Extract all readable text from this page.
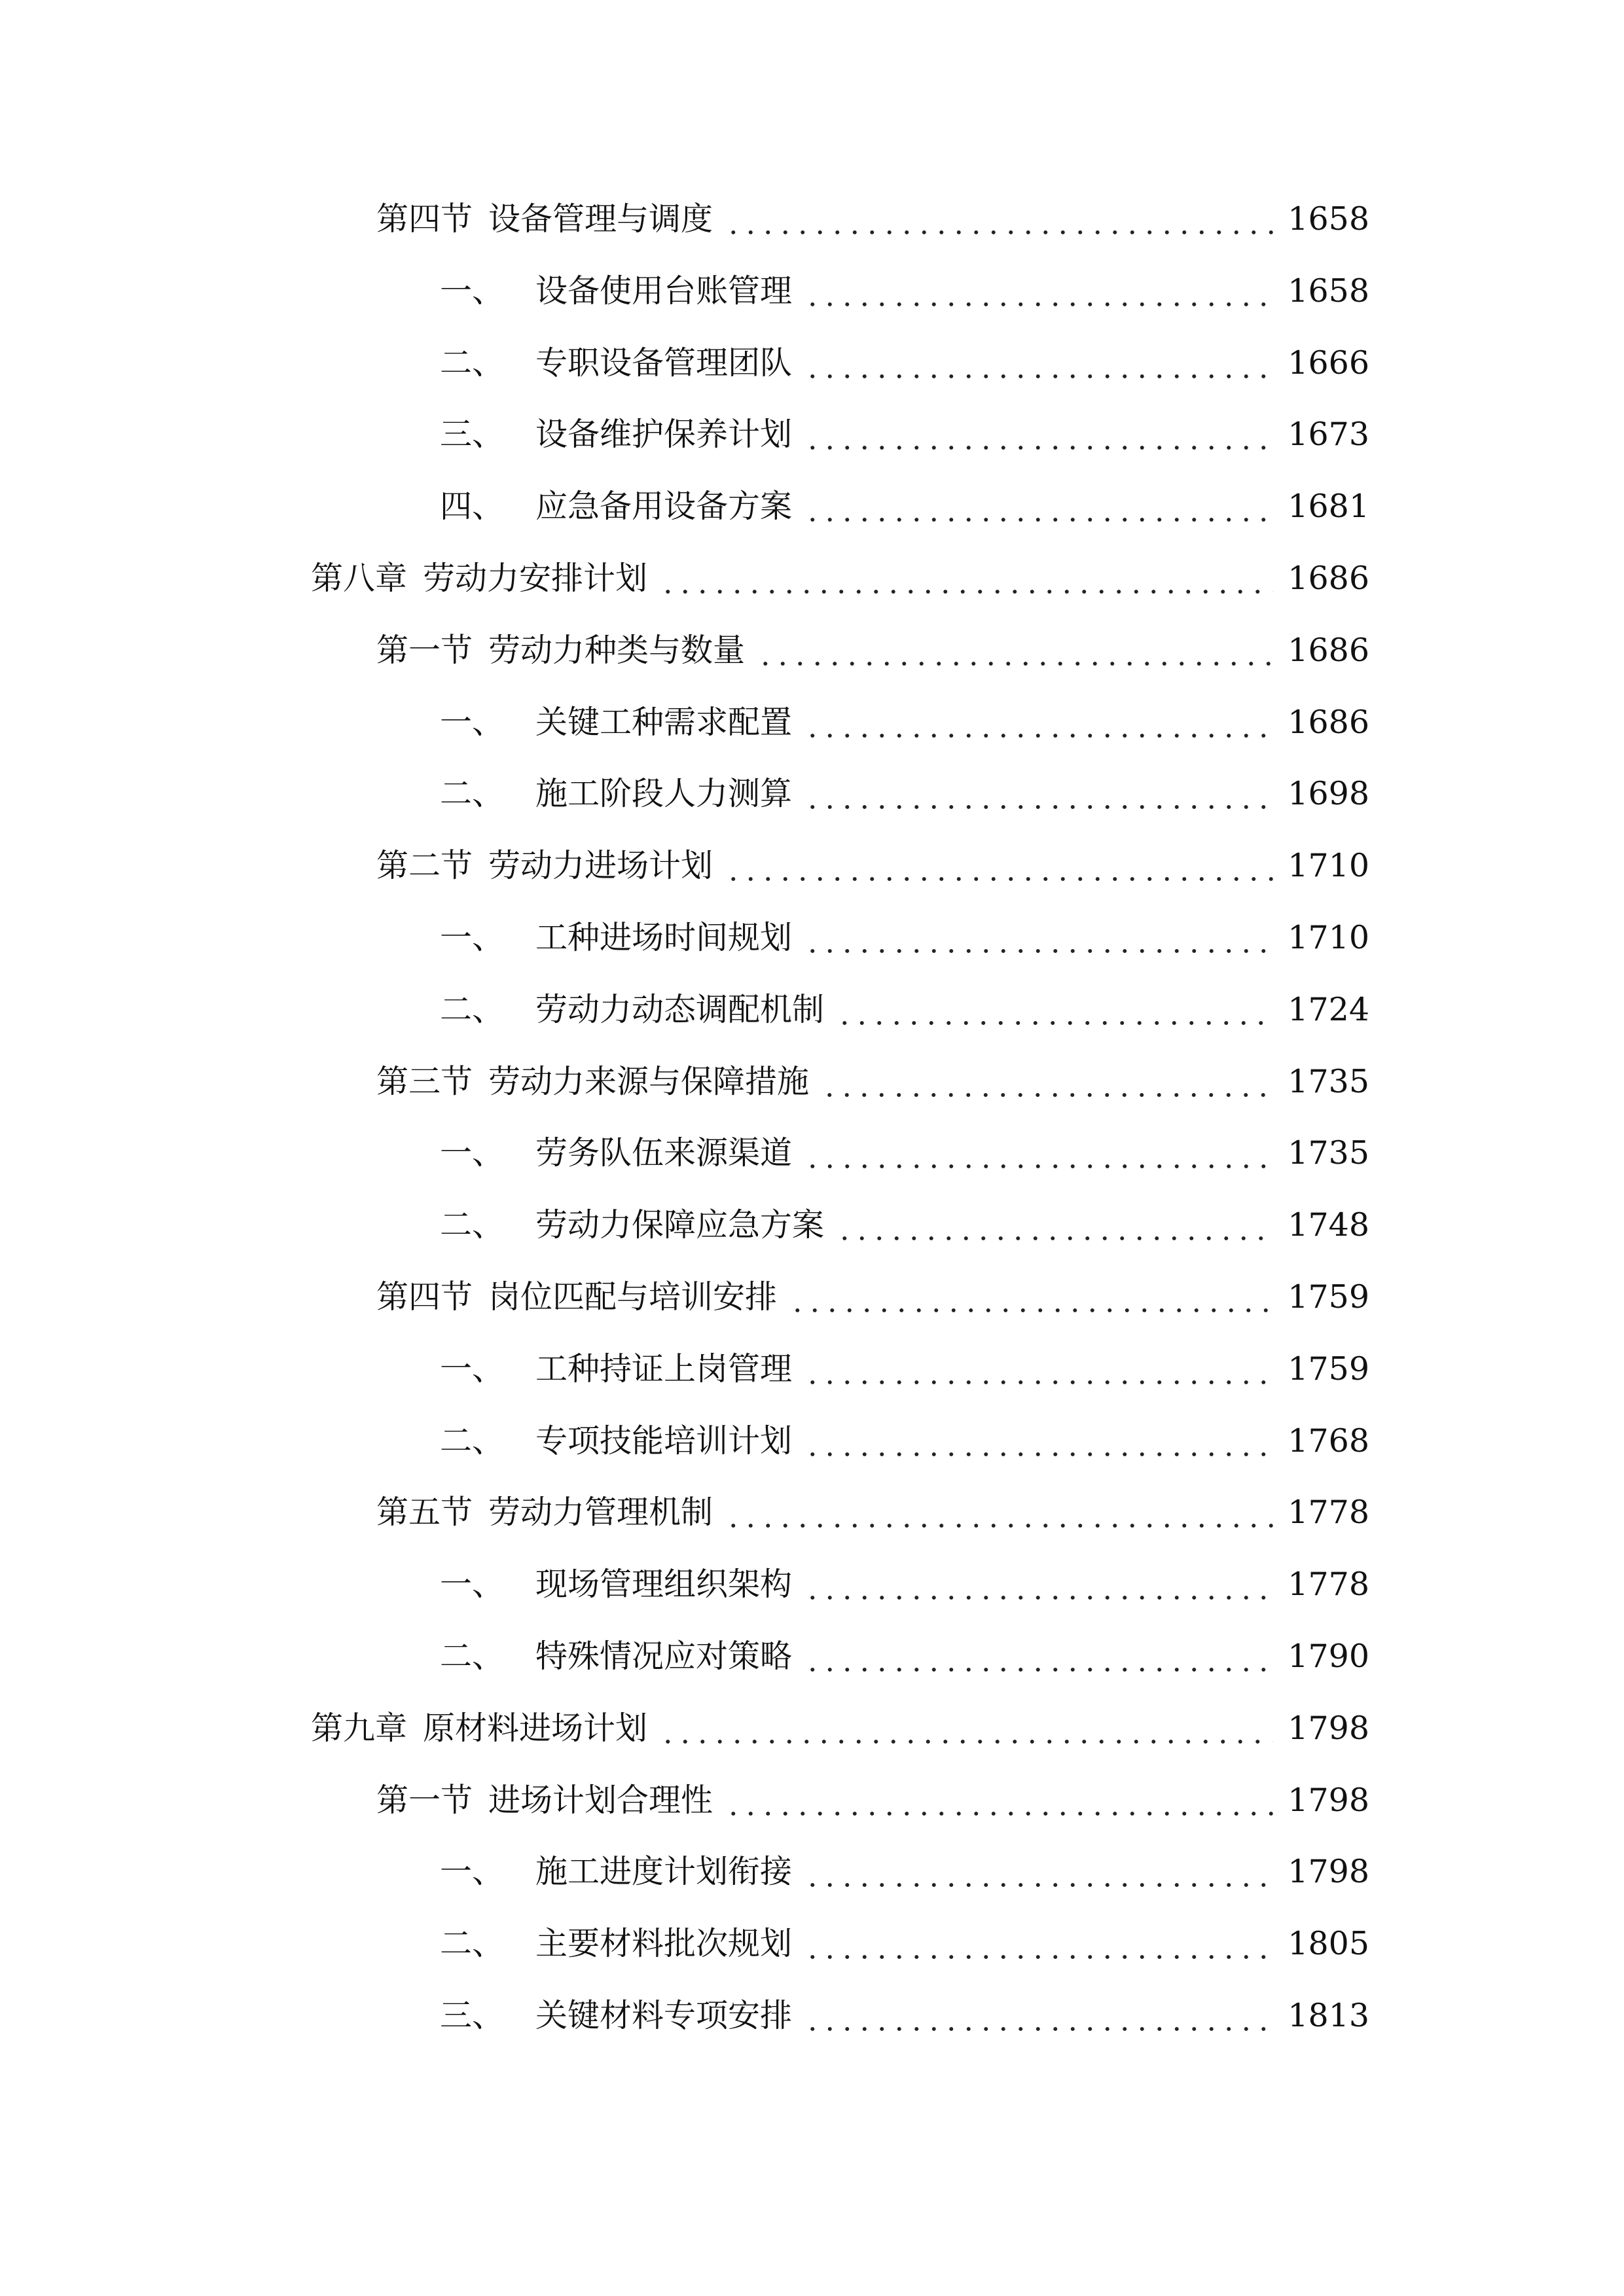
第四节 设备管理与调度	1658
一、 设备使用台账管理	1658
二、 专职设备管理团队	1666
三、 设备维护保养计划	1673
四、 应急备用设备方案	1681
第八章 劳动力安排计划	1686
第一节 劳动力种类与数量	1686
一、 关键工种需求配置	1686
二、 施工阶段人力测算	1698
第二节 劳动力进场计划	1710
一、 工种进场时间规划	1710
二、 劳动力动态调配机制	1724
第三节 劳动力来源与保障措施	1735
一、 劳务队伍来源渠道	1735
二、 劳动力保障应急方案	1748
第四节 岗位匹配与培训安排	1759
一、 工种持证上岗管理	1759
二、 专项技能培训计划	1768
第五节 劳动力管理机制	1778
一、 现场管理组织架构	1778
二、 特殊情况应对策略	1790
第九章 原材料进场计划	1798
第一节 进场计划合理性	1798
一、 施工进度计划衔接	1798
二、 主要材料批次规划	1805
三、 关键材料专项安排	1813
